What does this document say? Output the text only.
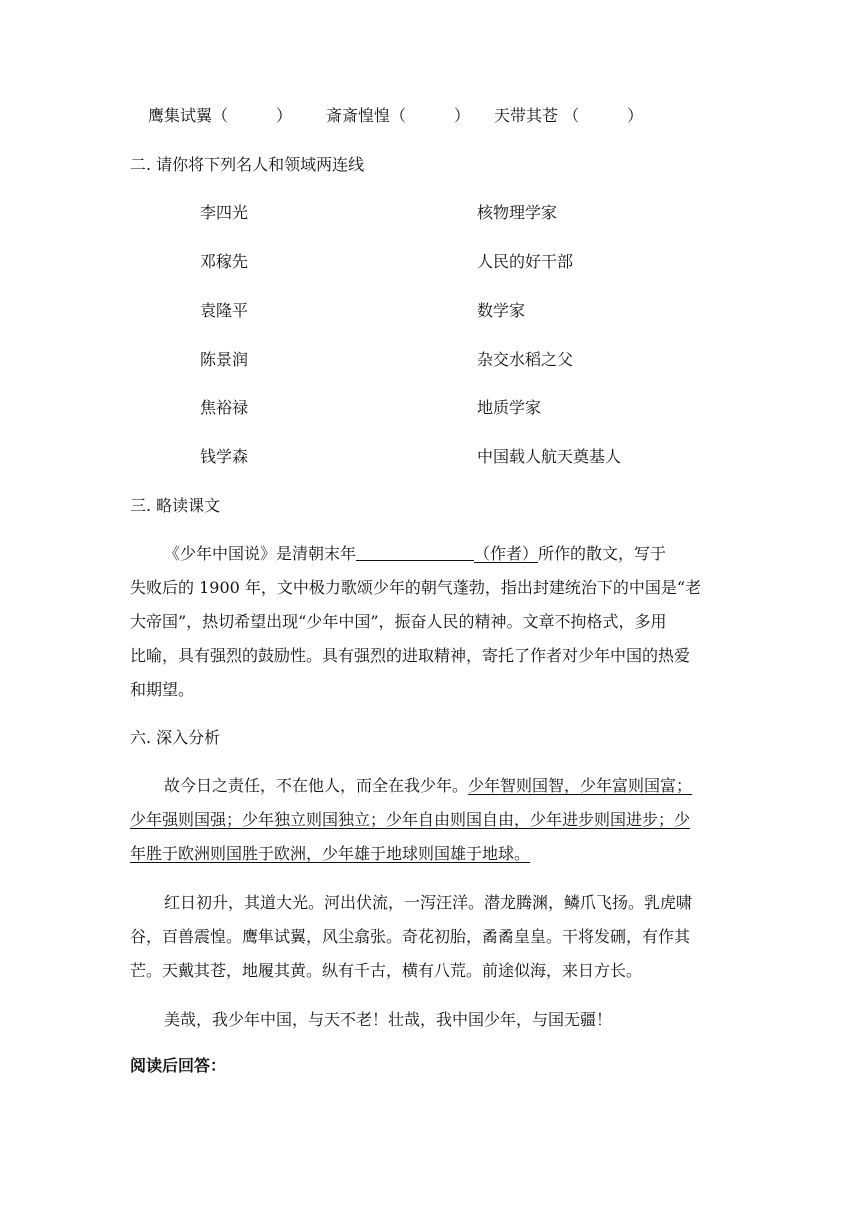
鹰集试翼（　　　） 斎斎惶惶（　　　） 天带其苍 （　　　）
二. 请你将下列名人和领域两连线
李四光	核物理学家
邓稼先	人民的好干部
袁隆平	数学家
陈景润	杂交水稻之父
焦裕禄	地质学家
钱学森	中国载人航天奠基人
三. 略读课文
《少年中国说》是清朝末年	（作者）所作的散文，写于
失败后的 1900 年，文中极力歌颂少年的朝气蓬勃，指出封建统治下的中国是“老
大帝国”，热切希望出现“少年中国”，振奋人民的精神。文章不拘格式，多用
比喻，具有强烈的鼓励性。具有强烈的进取精神，寄托了作者对少年中国的热爱
和期望。
六. 深入分析
故今日之责任，不在他人，而全在我少年。少年智则国智，少年富则国富；
少年强则国强；少年独立则国独立；少年自由则国自由，少年进步则国进步；少
年胜于欧洲则国胜于欧洲，少年雄于地球则国雄于地球。
红日初升，其道大光。河出伏流，一泻汪洋。潜龙腾渊，鳞爪飞扬。乳虎啸
谷，百兽震惶。鹰隼试翼，风尘翕张。奇花初胎，矞矞皇皇。干将发硎，有作其
芒。天戴其苍，地履其黄。纵有千古，横有八荒。前途似海，来日方长。
美哉，我少年中国，与天不老！壮哉，我中国少年，与国无疆！
阅读后回答：
